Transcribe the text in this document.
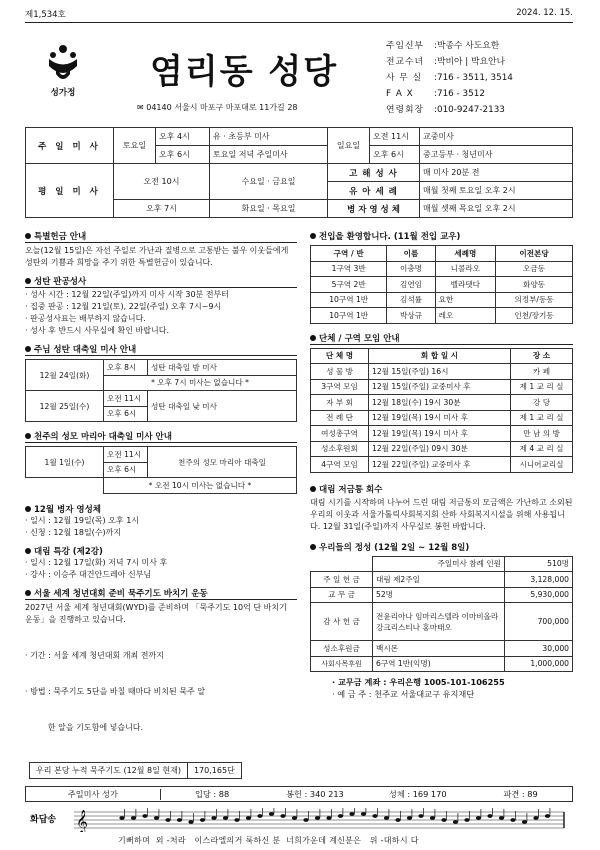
제1,534호	2024. 12. 15.
성가정
염리동 성당
✉ 04140 서울시 마포구 마포대로 11가길 28
주임신부	: 박종수 사도요한
전교수녀	: 박비아 | 박요안나
사 무 실	: 716 - 3511, 3514
F A X	: 716 - 3512
연령회장	: 010-9247-2133
주 일 미 사	토요일	오후 4시	유 · 초등부 미사	일요일	오전 11시	교중미사
		오후 6시	토요일 저녁 주일미사		오후 6시	중고등부 · 청년미사
평 일 미 사	오전 10시		수요일 · 금요일	고 해 성 사		매 미사 20분 전
				유 아 세 례		매월 첫째 토요일 오후 2시
	오후 7시		화요일 · 목요일	병 자 영 성 체		매월 셋째 목요일 오후 2시
특별헌금 안내
오늘(12월 15일)은 자선 주일로 가난과 질병으로 고통받는 불우 이웃들에게 성탄의 기쁨과 희망을 주기 위한 특별헌금이 있습니다.
성탄 판공성사
· 성사 시간 : 12월 22일(주일)까지 미사 시작 30분 전부터
· 집중 판공 : 12월 21일(토), 22일(주일) 오후 7시~9시
· 판공성사표는 배부하지 않습니다.
· 성사 후 반드시 사무실에 확인 바랍니다.
주님 성탄 대축일 미사 안내
12월 24일(화)	오후 8시	성탄 대축일 밤 미사
	* 오후 7시 미사는 없습니다 *	
12월 25일(수)	오전 11시	성탄 대축일 낮 미사
	오후 6시	
천주의 성모 마리아 대축일 미사 안내
1월 1일(수)	오전 11시	천주의 성모 마리아 대축일
	오후 6시	
	* 오전 10시 미사는 없습니다 *	
12월 병자 영성체
· 일시 : 12월 19일(목) 오후 1시
· 신청 : 12월 18일(수)까지
대림 특강 (제2강)
· 일시 : 12월 17일(화) 저녁 7시 미사 후
· 강사 : 이승주 대건안드레아 신부님
서울 세계 청년대회 준비 묵주기도 바치기 운동
2027년 서울 세계 청년대회(WYD)를 준비하며 「묵주기도 10억 단 바치기 운동」을 진행하고 있습니다.

· 기간 : 서울 세계 청년대회 개최 전까지

· 방법 : 묵주기도 5단을 바칠 때마다 비치된 묵주 알

한 알을 기도함에 넣습니다.

우리 본당 누적 묵주기도 (12월 8일 현재)	170,165단
전입을 환영합니다. (11월 전입 교우)
구역 / 반	이름	세례명	이전본당
1구역 3반	이충명	니콜라오	오금동
5구역 2반	김연임	벨라뎃다	화양동
10구역 1반	김석률	요한	의정부/동동
10구역 1반	박상규	레오	인천/장기동
단체 / 구역 모임 안내
단 체 명	회 합 일 시	장 소
성 물 방	12월 15일(주일) 16시	카 페
3구역 모임	12월 15일(주일) 교중미사 후	제 1 교 리 실
자 부 회	12월 18일(수) 19시 30분	강 당
전 례 단	12월 19일(목) 19시 미사 후	제 1 교 리 실
여성총구역	12월 19일(목) 19시 미사 후	만 남 의 방
성소후원회	12월 22일(주일) 09시 30분	제 4 교 리 실
4구역 모임	12월 22일(주일) 교중미사 후	시니어교리실
대림 저금통 회수
대림 시기를 시작하며 나누어 드린 대림 저금통의 모금액은 가난하고 소외된 우리의 이웃과 서울가톨릭사회복지회 산하 사회복지시설을 위해 사용됩니다. 12월 31일(주일)까지 사무실로 봉헌 바랍니다.
우리들의 정성 (12월 2일 ~ 12월 8일)
	주일미사 참례 인원	510명
주 일 헌 금	대림 제2주일	3,128,000
교 무 금	52명	5,930,000
감 사 헌 금	전윤리아나 임마리스텔라 이마비올라 강크리스티나 홍마태오	700,000
성소후원금	백시몬	30,000
사회사목후원	6구역 1반(익명)	1,000,000
· 교무금 계좌 : 우리은행 1005-101-106255
· 예 금 주 : 천주교 서울대교구 유지재단
주일미사 성가	입당 : 88	봉헌 : 340 213	성체 : 169 170	파견 : 89
화답송 𝄞
기뻐하며  외 -처라   이스라엘의거 룩하신 분  너희가운데 계신분은   위 -대하시 다
